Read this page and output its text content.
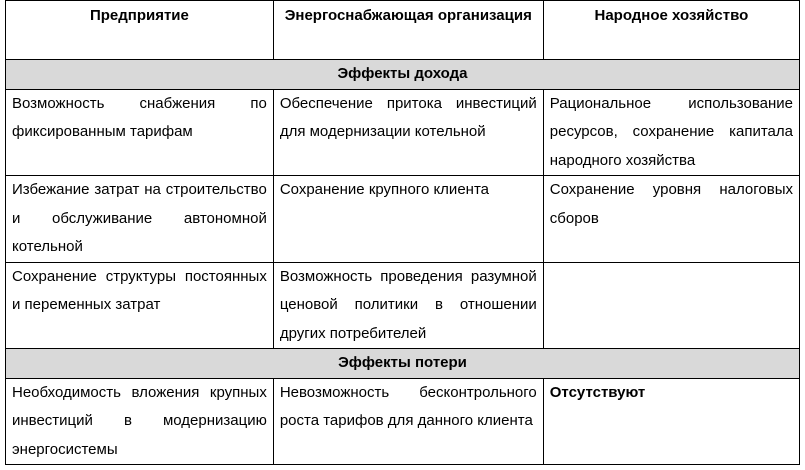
Предприятие	Энергоснабжающая организация	Народное хозяйство
Эффекты дохода		
Возможность снабжения по фиксированным тарифам	Обеспечение притока инвестиций для модернизации котельной	Рациональное использование ресурсов, сохранение капитала народного хозяйства
Избежание затрат на строительство и обслуживание автономной котельной	Сохранение крупного клиента	Сохранение уровня налоговых сборов
Сохранение структуры постоянных и переменных затрат	Возможность проведения разумной ценовой политики в отношении других потребителей	
Эффекты потери		
Необходимость вложения крупных инвестиций в модернизацию энергосистемы	Невозможность бесконтрольного роста тарифов для данного клиента	Отсутствуют
